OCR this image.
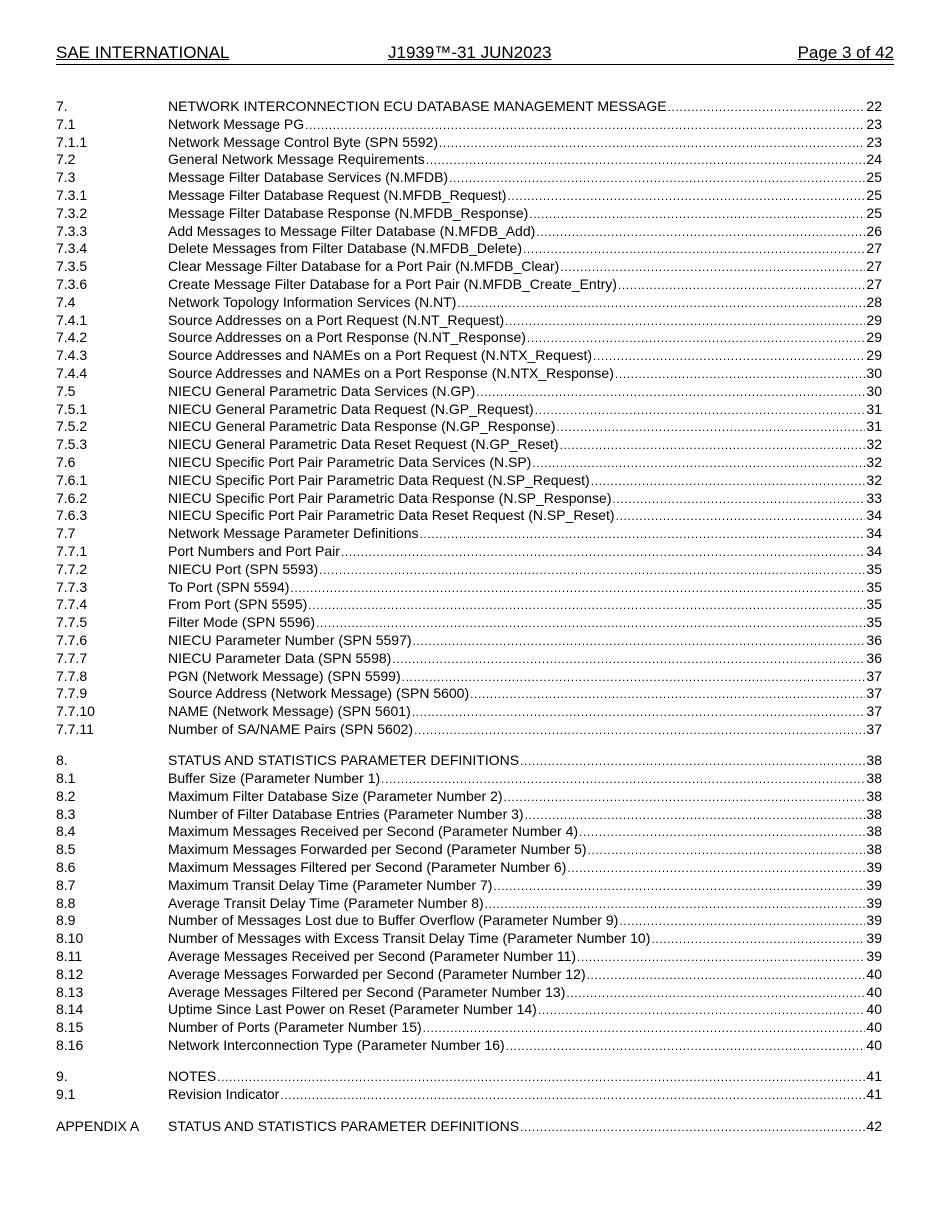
SAE INTERNATIONAL	J1939™-31 JUN2023	Page 3 of 42
7.	NETWORK INTERCONNECTION ECU DATABASE MANAGEMENT MESSAGE .....	22
7.1	Network Message PG .....	23
7.1.1	Network Message Control Byte (SPN 5592) .....	23
7.2	General Network Message Requirements .....	24
7.3	Message Filter Database Services (N.MFDB) .....	25
7.3.1	Message Filter Database Request (N.MFDB_Request) .....	25
7.3.2	Message Filter Database Response (N.MFDB_Response) .....	25
7.3.3	Add Messages to Message Filter Database (N.MFDB_Add) .....	26
7.3.4	Delete Messages from Filter Database (N.MFDB_Delete) .....	27
7.3.5	Clear Message Filter Database for a Port Pair (N.MFDB_Clear) .....	27
7.3.6	Create Message Filter Database for a Port Pair (N.MFDB_Create_Entry) .....	27
7.4	Network Topology Information Services (N.NT) .....	28
7.4.1	Source Addresses on a Port Request (N.NT_Request) .....	29
7.4.2	Source Addresses on a Port Response (N.NT_Response) .....	29
7.4.3	Source Addresses and NAMEs on a Port Request (N.NTX_Request) .....	29
7.4.4	Source Addresses and NAMEs on a Port Response (N.NTX_Response) .....	30
7.5	NIECU General Parametric Data Services (N.GP) .....	30
7.5.1	NIECU General Parametric Data Request (N.GP_Request) .....	31
7.5.2	NIECU General Parametric Data Response (N.GP_Response) .....	31
7.5.3	NIECU General Parametric Data Reset Request (N.GP_Reset) .....	32
7.6	NIECU Specific Port Pair Parametric Data Services (N.SP) .....	32
7.6.1	NIECU Specific Port Pair Parametric Data Request (N.SP_Request) .....	32
7.6.2	NIECU Specific Port Pair Parametric Data Response (N.SP_Response) .....	33
7.6.3	NIECU Specific Port Pair Parametric Data Reset Request (N.SP_Reset) .....	34
7.7	Network Message Parameter Definitions .....	34
7.7.1	Port Numbers and Port Pair .....	34
7.7.2	NIECU Port (SPN 5593) .....	35
7.7.3	To Port (SPN 5594) .....	35
7.7.4	From Port (SPN 5595) .....	35
7.7.5	Filter Mode (SPN 5596) .....	35
7.7.6	NIECU Parameter Number (SPN 5597) .....	36
7.7.7	NIECU Parameter Data (SPN 5598) .....	36
7.7.8	PGN (Network Message) (SPN 5599) .....	37
7.7.9	Source Address (Network Message) (SPN 5600) .....	37
7.7.10	NAME (Network Message) (SPN 5601) .....	37
7.7.11	Number of SA/NAME Pairs (SPN 5602) .....	37
8.	STATUS AND STATISTICS PARAMETER DEFINITIONS .....	38
8.1	Buffer Size (Parameter Number 1) .....	38
8.2	Maximum Filter Database Size (Parameter Number 2) .....	38
8.3	Number of Filter Database Entries (Parameter Number 3) .....	38
8.4	Maximum Messages Received per Second (Parameter Number 4) .....	38
8.5	Maximum Messages Forwarded per Second (Parameter Number 5) .....	38
8.6	Maximum Messages Filtered per Second (Parameter Number 6) .....	39
8.7	Maximum Transit Delay Time (Parameter Number 7) .....	39
8.8	Average Transit Delay Time (Parameter Number 8) .....	39
8.9	Number of Messages Lost due to Buffer Overflow (Parameter Number 9) .....	39
8.10	Number of Messages with Excess Transit Delay Time (Parameter Number 10) .....	39
8.11	Average Messages Received per Second (Parameter Number 11) .....	39
8.12	Average Messages Forwarded per Second (Parameter Number 12) .....	40
8.13	Average Messages Filtered per Second (Parameter Number 13) .....	40
8.14	Uptime Since Last Power on Reset (Parameter Number 14) .....	40
8.15	Number of Ports (Parameter Number 15) .....	40
8.16	Network Interconnection Type (Parameter Number 16) .....	40
9.	NOTES .....	41
9.1	Revision Indicator .....	41
APPENDIX A	STATUS AND STATISTICS PARAMETER DEFINITIONS .....	42
